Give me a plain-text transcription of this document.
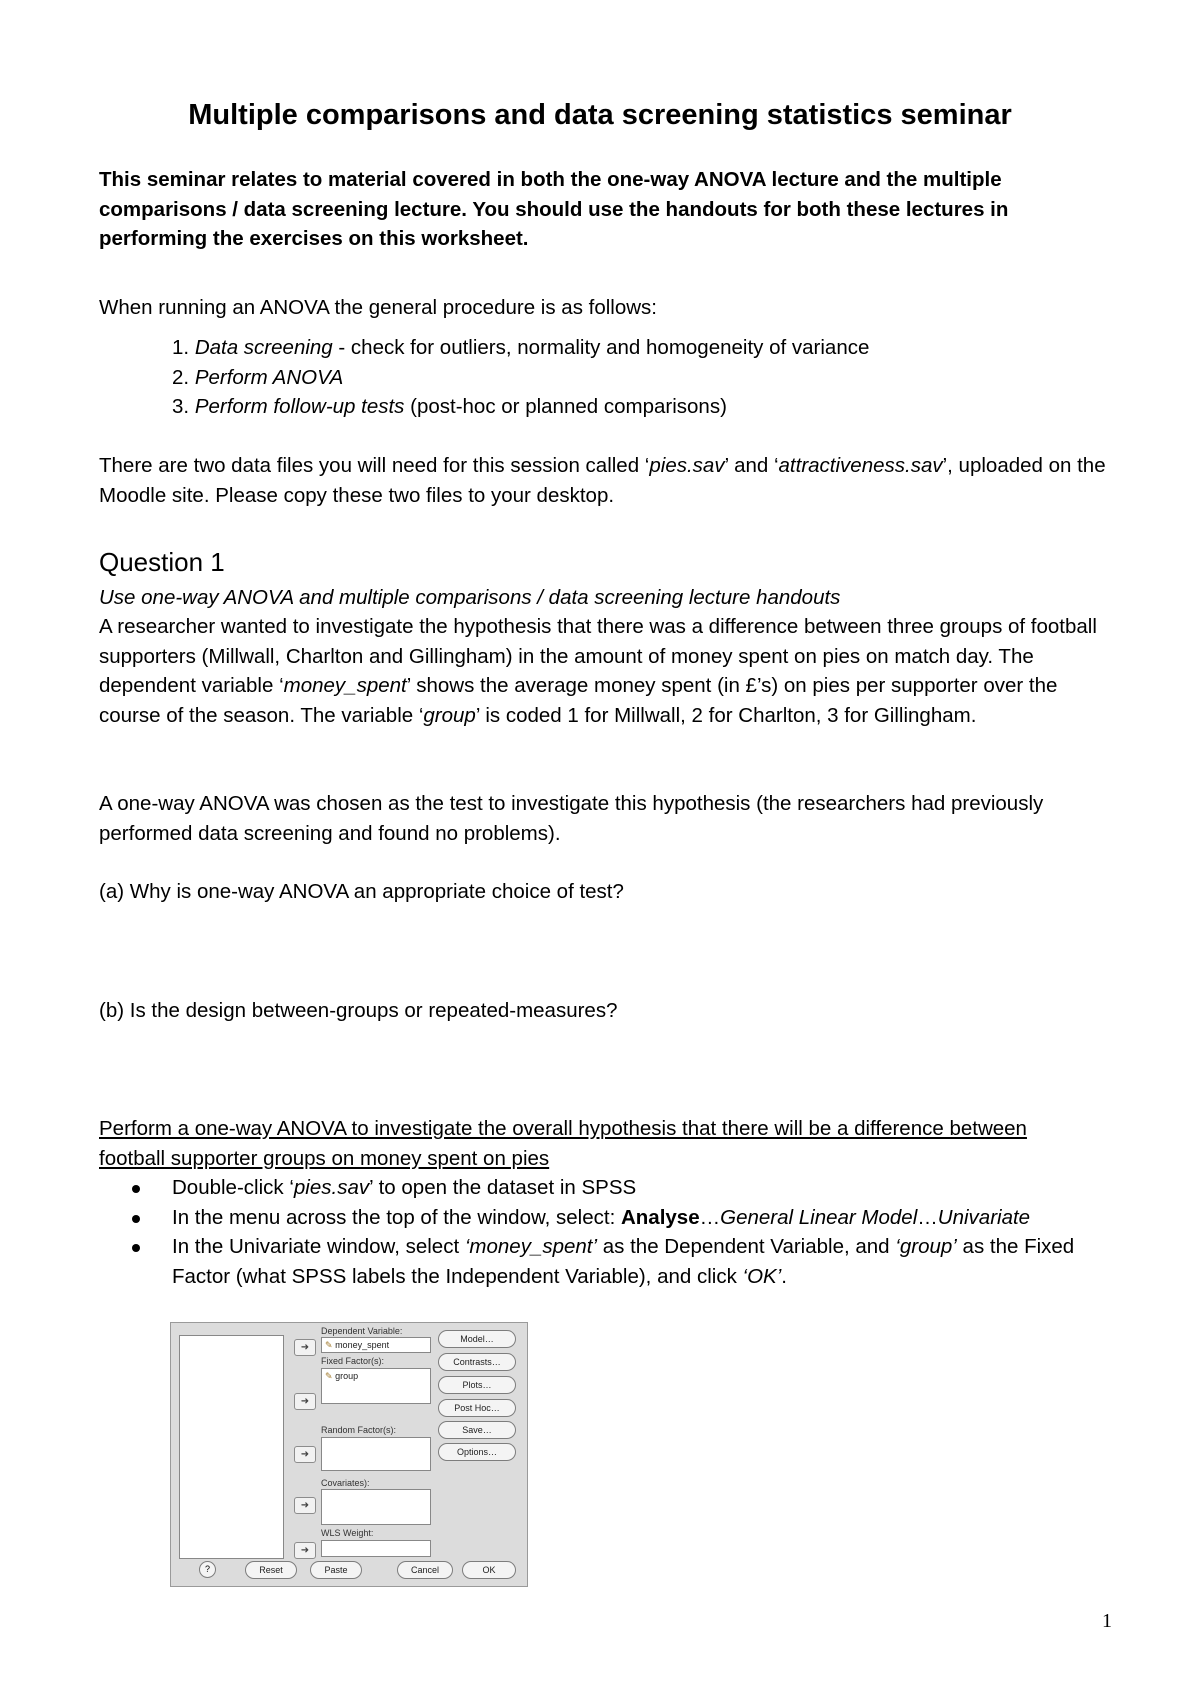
Multiple comparisons and data screening statistics seminar

This seminar relates to material covered in both the one-way ANOVA lecture and the multiple comparisons / data screening lecture. You should use the handouts for both these lectures in performing the exercises on this worksheet.

When running an ANOVA the general procedure is as follows:

1. Data screening - check for outliers, normality and homogeneity of variance
2. Perform ANOVA
3. Perform follow-up tests (post-hoc or planned comparisons)

There are two data files you will need for this session called ‘pies.sav’ and ‘attractiveness.sav’, uploaded on the Moodle site. Please copy these two files to your desktop.

Question 1

Use one-way ANOVA and multiple comparisons / data screening lecture handouts

A researcher wanted to investigate the hypothesis that there was a difference between three groups of football supporters (Millwall, Charlton and Gillingham) in the amount of money spent on pies on match day. The dependent variable ‘money_spent’ shows the average money spent (in £’s) on pies per supporter over the course of the season. The variable ‘group’ is coded 1 for Millwall, 2 for Charlton, 3 for Gillingham.

A one-way ANOVA was chosen as the test to investigate this hypothesis (the researchers had previously performed data screening and found no problems).

(a) Why is one-way ANOVA an appropriate choice of test?

(b) Is the design between-groups or repeated-measures?

Perform a one-way ANOVA to investigate the overall hypothesis that there will be a difference between football supporter groups on money spent on pies

Double-click ‘pies.sav’ to open the dataset in SPSS
In the menu across the top of the window, select: Analyse…General Linear Model…Univariate
In the Univariate window, select ‘money_spent’ as the Dependent Variable, and ‘group’ as the Fixed Factor (what SPSS labels the Independent Variable), and click ‘OK’.
➜
➜
➜
➜
➜
Dependent Variable:
✎ money_spent
Fixed Factor(s):
✎ group
Random Factor(s):
Covariates):
WLS Weight:
Model…
Contrasts…
Plots…
Post Hoc…
Save…
Options…
?	Reset	Paste	Cancel	OK
1
